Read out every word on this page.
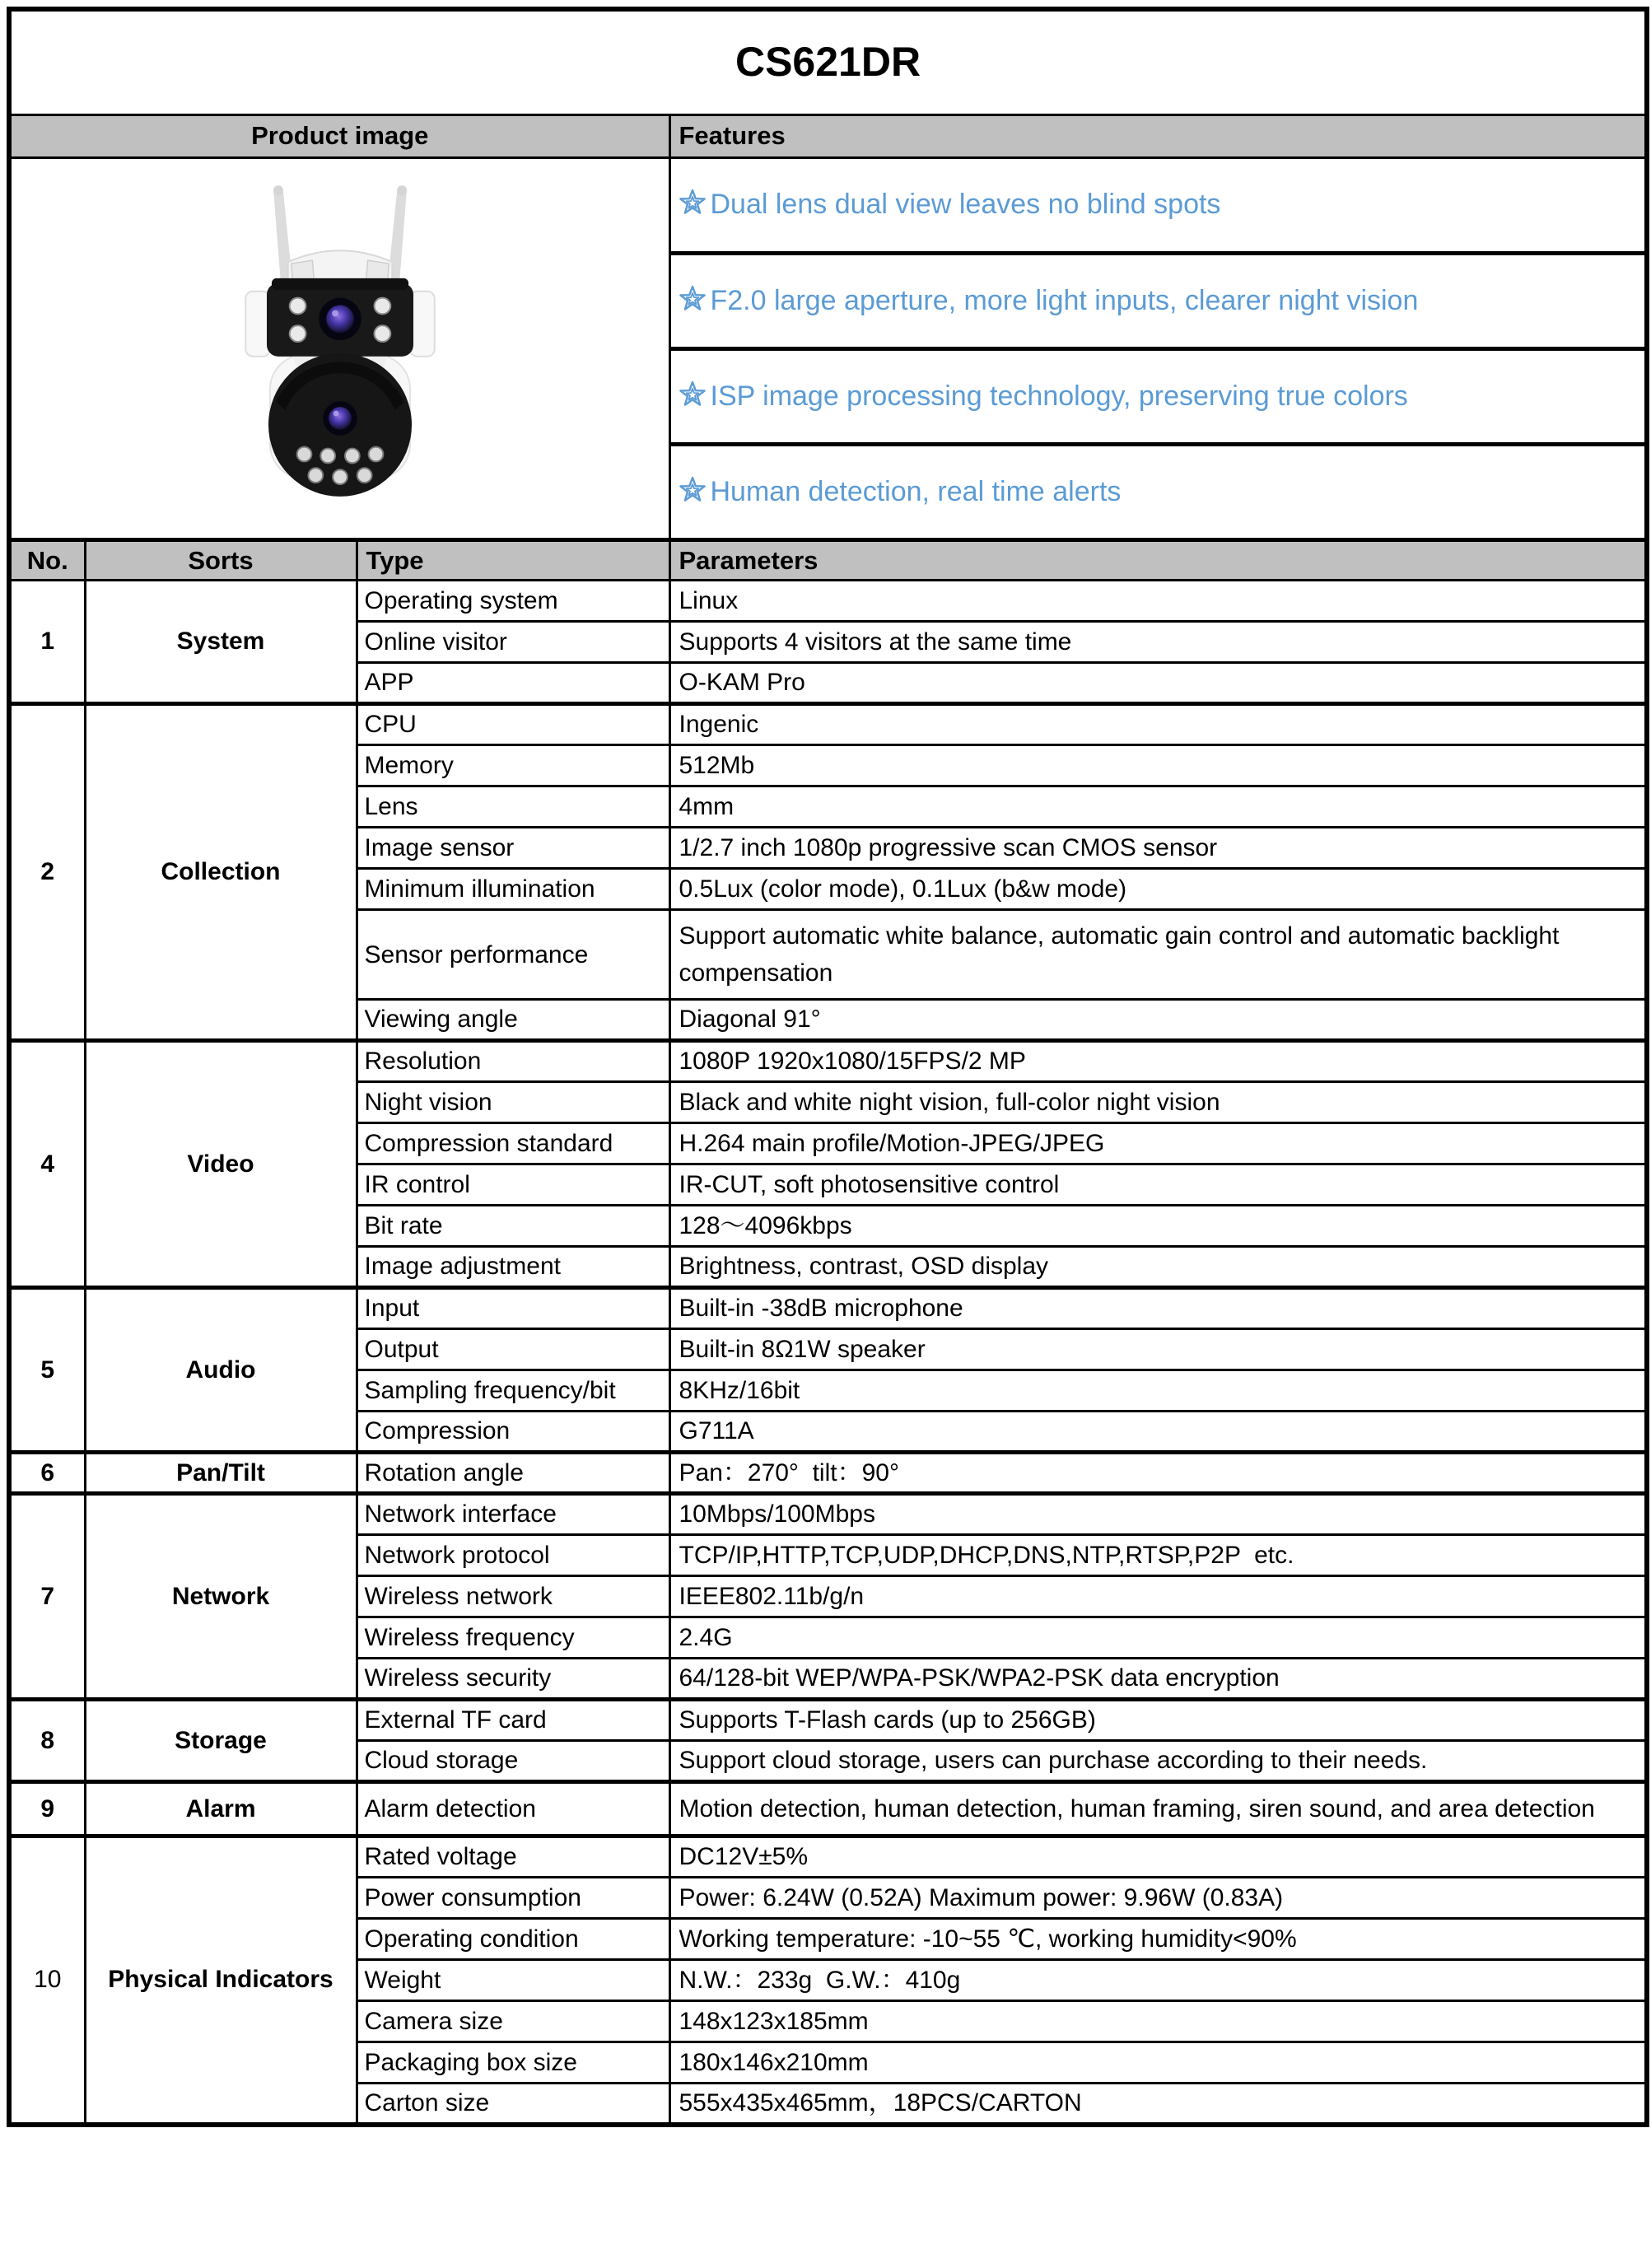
CS621DR			
Product image			Features
	Dual lens dual view leaves no blind spots
			F2.0 large aperture, more light inputs, clearer night vision
			ISP image processing technology, preserving true colors
			Human detection, real time alerts
No.	Sorts	Type	Parameters
1	System	Operating system	Linux
		Online visitor	Supports 4 visitors at the same time
		APP	O-KAM Pro
2	Collection	CPU	Ingenic
		Memory	512Mb
		Lens	4mm
		Image sensor	1/2.7 inch 1080p progressive scan CMOS sensor
		Minimum illumination	0.5Lux (color mode), 0.1Lux (b&w mode)
		Sensor performance	Support automatic white balance, automatic gain control and automatic backlight compensation
		Viewing angle	Diagonal 91°
4	Video	Resolution	1080P 1920x1080/15FPS/2 MP
		Night vision	Black and white night vision, full-color night vision
		Compression standard	H.264 main profile/Motion-JPEG/JPEG
		IR control	IR-CUT, soft photosensitive control
		Bit rate	128～4096kbps
		Image adjustment	Brightness, contrast, OSD display
5	Audio	Input	Built-in -38dB microphone
		Output	Built-in 8Ω1W speaker
		Sampling frequency/bit	8KHz/16bit
		Compression	G711A
6	Pan/Tilt	Rotation angle	Pan：270°  tilt：90°
7	Network	Network interface	10Mbps/100Mbps
		Network protocol	TCP/IP,HTTP,TCP,UDP,DHCP,DNS,NTP,RTSP,P2P  etc.
		Wireless network	IEEE802.11b/g/n
		Wireless frequency	2.4G
		Wireless security	64/128-bit WEP/WPA-PSK/WPA2-PSK data encryption
8	Storage	External TF card	Supports T-Flash cards (up to 256GB)
		Cloud storage	Support cloud storage, users can purchase according to their needs.
9	Alarm	Alarm detection	Motion detection, human detection, human framing, siren sound, and area detection
10	Physical Indicators	Rated voltage	DC12V±5%
		Power consumption	Power: 6.24W (0.52A) Maximum power: 9.96W (0.83A)
		Operating condition	Working temperature: -10~55 ℃, working humidity<90%
		Weight	N.W.：233g  G.W.：410g
		Camera size	148x123x185mm
		Packaging box size	180x146x210mm
		Carton size	555x435x465mm，18PCS/CARTON
